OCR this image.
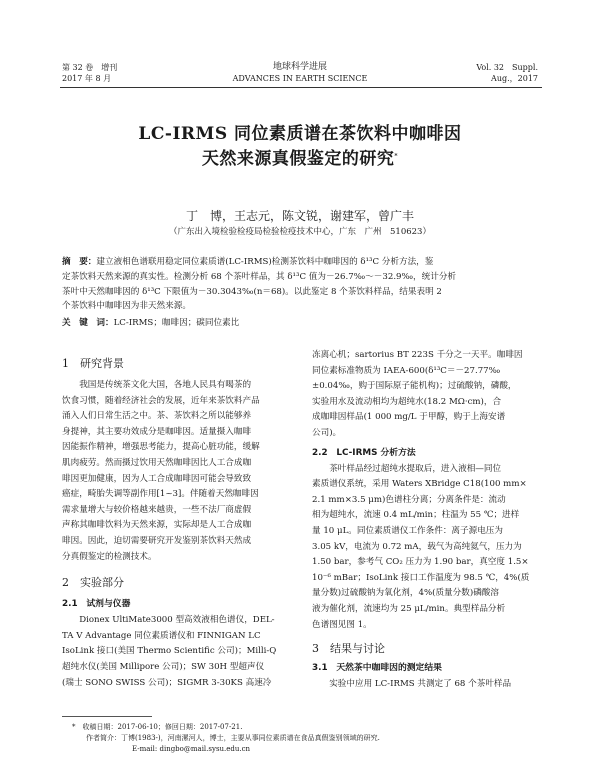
第 32 卷　增刊
2017 年 8 月
地球科学进展
ADVANCES IN EARTH SCIENCE
Vol. 32　Suppl.
Aug.，2017
LC-IRMS 同位素质谱在茶饮料中咖啡因
天然来源真假鉴定的研究*
丁　博，王志元，陈文锐，谢建军，曾广丰
（广东出入境检验检疫局检验检疫技术中心，广东　广州　510623）
摘　要：建立液相色谱联用稳定同位素质谱(LC-IRMS)检测茶饮料中咖啡因的 δ¹³C 分析方法，鉴
定茶饮料天然来源的真实性。检测分析 68 个茶叶样品，其 δ¹³C 值为－26.7‰～－32.9‰，统计分析
茶叶中天然咖啡因的 δ¹³C 下限值为－30.3043‰(n＝68)。以此鉴定 8 个茶饮料样品，结果表明 2
个茶饮料中咖啡因为非天然来源。
关　键　词：LC-IRMS；咖啡因；碳同位素比
1　研究背景
我国是传统茶文化大国，各地人民具有喝茶的
饮食习惯，随着经济社会的发展，近年来茶饮料产品
涌入人们日常生活之中。茶、茶饮料之所以能够养
身提神，其主要功效成分是咖啡因。适量摄入咖啡
因能振作精神，增强思考能力，提高心脏功能，缓解
肌肉疲劳。然而摄过饮用天然咖啡因比人工合成咖
啡因更加健康，因为人工合成咖啡因可能会导致致
癌症，畸胎失调等副作用[1~3]。伴随着天然咖啡因
需求量增大与较价格越来越贵，一些不法厂商虚假
声称其咖啡饮料为天然来源，实际却是人工合成咖
啡因。因此，迫切需要研究开发鉴别茶饮料天然成
分真假鉴定的检测技术。
2　实验部分
2.1　试剂与仪器
Dionex UltiMate3000 型高效液相色谱仪，DEL-
TA V Advantage 同位素质谱仪和 FINNIGAN LC
IsoLink 接口(美国 Thermo Scientific 公司)；Milli-Q
超纯水仪(美国 Millipore 公司)；SW 30H 型超声仪
(瑞士 SONO SWISS 公司)；SIGMR 3-30KS 高速冷
冻离心机；sartorius BT 223S 千分之一天平。咖啡因
同位素标准物质为 IAEA-600(δ¹³C＝－27.77‰
±0.04‰，购于国际原子能机构)；过硫酸钠，磷酸，
实验用水及流动相均为超纯水(18.2 MΩ·cm)，合
成咖啡因样品(1 000 mg/L 于甲醇，购于上海安谱
公司)。
2.2　LC-IRMS 分析方法
茶叶样品经过超纯水提取后，进入液相—同位
素质谱仪系统，采用 Waters XBridge C18(100 mm×
2.1 mm×3.5 μm)色谱柱分离；分离条件是：流动
相为超纯水，流速 0.4 mL/min；柱温为 55 ℃；进样
量 10 μL。同位素质谱仪工作条件：离子源电压为
3.05 kV，电流为 0.72 mA，载气为高纯氦气，压力为
1.50 bar，参考气 CO₂ 压力为 1.90 bar，真空度 1.5×
10⁻⁶ mBar；IsoLink 接口工作温度为 98.5 ℃，4%(质
量分数)过硫酸钠为氧化剂，4%(质量分数)磷酸溶
液为催化剂，流速均为 25 μL/min。典型样品分析
色谱图见图 1。
3　结果与讨论
3.1　天然茶中咖啡因的测定结果
实验中应用 LC-IRMS 共测定了 68 个茶叶样品
*　 收稿日期：2017-06-10；修回日期：2017-07-21.
作者简介：丁博(1983-)，河南漯河人，博士，主要从事同位素质谱在食品真假鉴别领域的研究.
E-mail: dingbo@mail.sysu.edu.cn
